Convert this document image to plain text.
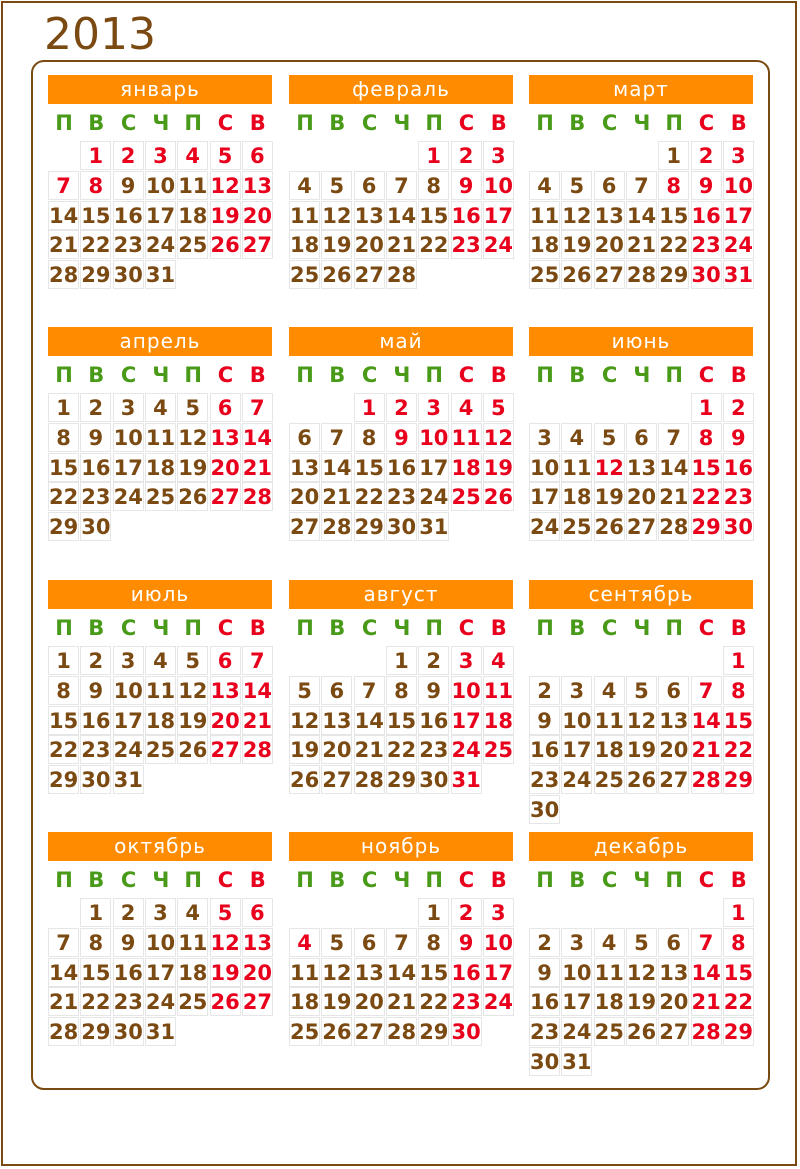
2013
январь
П В С Ч П С В
1 2 3 4 5 6
7 8 9 10 11 12 13
14 15 16 17 18 19 20
21 22 23 24 25 26 27
28 29 30 31
февраль
П В С Ч П С В
1 2 3
4 5 6 7 8 9 10
11 12 13 14 15 16 17
18 19 20 21 22 23 24
25 26 27 28
март
П В С Ч П С В
1 2 3
4 5 6 7 8 9 10
11 12 13 14 15 16 17
18 19 20 21 22 23 24
25 26 27 28 29 30 31
апрель
П В С Ч П С В
1 2 3 4 5 6 7
8 9 10 11 12 13 14
15 16 17 18 19 20 21
22 23 24 25 26 27 28
29 30
май
П В С Ч П С В
1 2 3 4 5
6 7 8 9 10 11 12
13 14 15 16 17 18 19
20 21 22 23 24 25 26
27 28 29 30 31
июнь
П В С Ч П С В
1 2
3 4 5 6 7 8 9
10 11 12 13 14 15 16
17 18 19 20 21 22 23
24 25 26 27 28 29 30
июль
П В С Ч П С В
1 2 3 4 5 6 7
8 9 10 11 12 13 14
15 16 17 18 19 20 21
22 23 24 25 26 27 28
29 30 31
август
П В С Ч П С В
1 2 3 4
5 6 7 8 9 10 11
12 13 14 15 16 17 18
19 20 21 22 23 24 25
26 27 28 29 30 31
сентябрь
П В С Ч П С В
1
2 3 4 5 6 7 8
9 10 11 12 13 14 15
16 17 18 19 20 21 22
23 24 25 26 27 28 29
30
октябрь
П В С Ч П С В
1 2 3 4 5 6
7 8 9 10 11 12 13
14 15 16 17 18 19 20
21 22 23 24 25 26 27
28 29 30 31
ноябрь
П В С Ч П С В
1 2 3
4 5 6 7 8 9 10
11 12 13 14 15 16 17
18 19 20 21 22 23 24
25 26 27 28 29 30
декабрь
П В С Ч П С В
1
2 3 4 5 6 7 8
9 10 11 12 13 14 15
16 17 18 19 20 21 22
23 24 25 26 27 28 29
30 31
